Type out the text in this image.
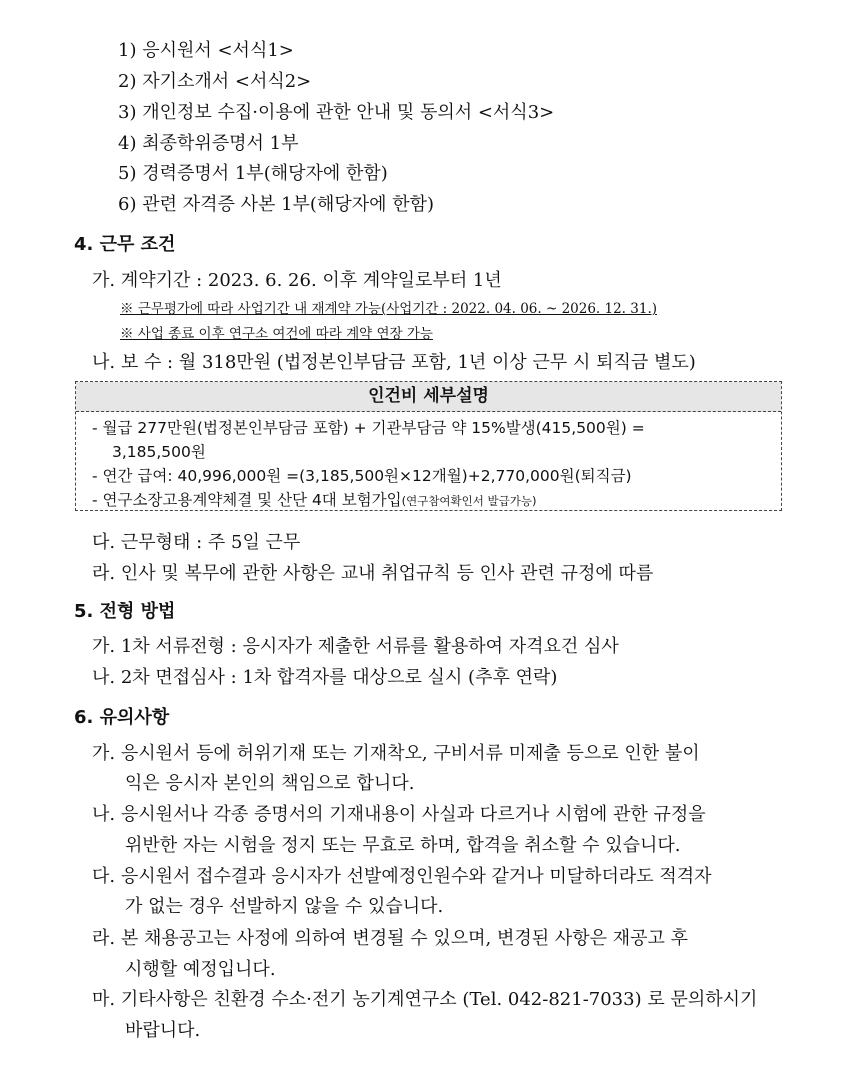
1) 응시원서 <서식1>
2) 자기소개서 <서식2>
3) 개인정보 수집·이용에 관한 안내 및 동의서 <서식3>
4) 최종학위증명서 1부
5) 경력증명서 1부(해당자에 한함)
6) 관련 자격증 사본 1부(해당자에 한함)
4. 근무 조건
가. 계약기간 : 2023. 6. 26. 이후 계약일로부터 1년
※ 근무평가에 따라 사업기간 내 재계약 가능(사업기간 : 2022. 04. 06. ~ 2026. 12. 31.)
※ 사업 종료 이후 연구소 여건에 따라 계약 연장 가능
나. 보 수 : 월 318만원 (법정본인부담금 포함, 1년 이상 근무 시 퇴직금 별도)
인건비 세부설명
- 월급 277만원(법정본인부담금 포함) + 기관부담금 약 15%발생(415,500원) =
3,185,500원
- 연간 급여: 40,996,000원 =(3,185,500원×12개월)+2,770,000원(퇴직금)
- 연구소장고용계약체결 및 산단 4대 보험가입(연구참여확인서 발급가능)
다. 근무형태 : 주 5일 근무
라. 인사 및 복무에 관한 사항은 교내 취업규칙 등 인사 관련 규정에 따름
5. 전형 방법
가. 1차 서류전형 : 응시자가 제출한 서류를 활용하여 자격요건 심사
나. 2차 면접심사 : 1차 합격자를 대상으로 실시 (추후 연락)
6. 유의사항
가. 응시원서 등에 허위기재 또는 기재착오, 구비서류 미제출 등으로 인한 불이
익은 응시자 본인의 책임으로 합니다.
나. 응시원서나 각종 증명서의 기재내용이 사실과 다르거나 시험에 관한 규정을
위반한 자는 시험을 정지 또는 무효로 하며, 합격을 취소할 수 있습니다.
다. 응시원서 접수결과 응시자가 선발예정인원수와 같거나 미달하더라도 적격자
가 없는 경우 선발하지 않을 수 있습니다.
라. 본 채용공고는 사정에 의하여 변경될 수 있으며, 변경된 사항은 재공고 후
시행할 예정입니다.
마. 기타사항은 친환경 수소·전기 농기계연구소 (Tel. 042-821-7033) 로 문의하시기
바랍니다.
